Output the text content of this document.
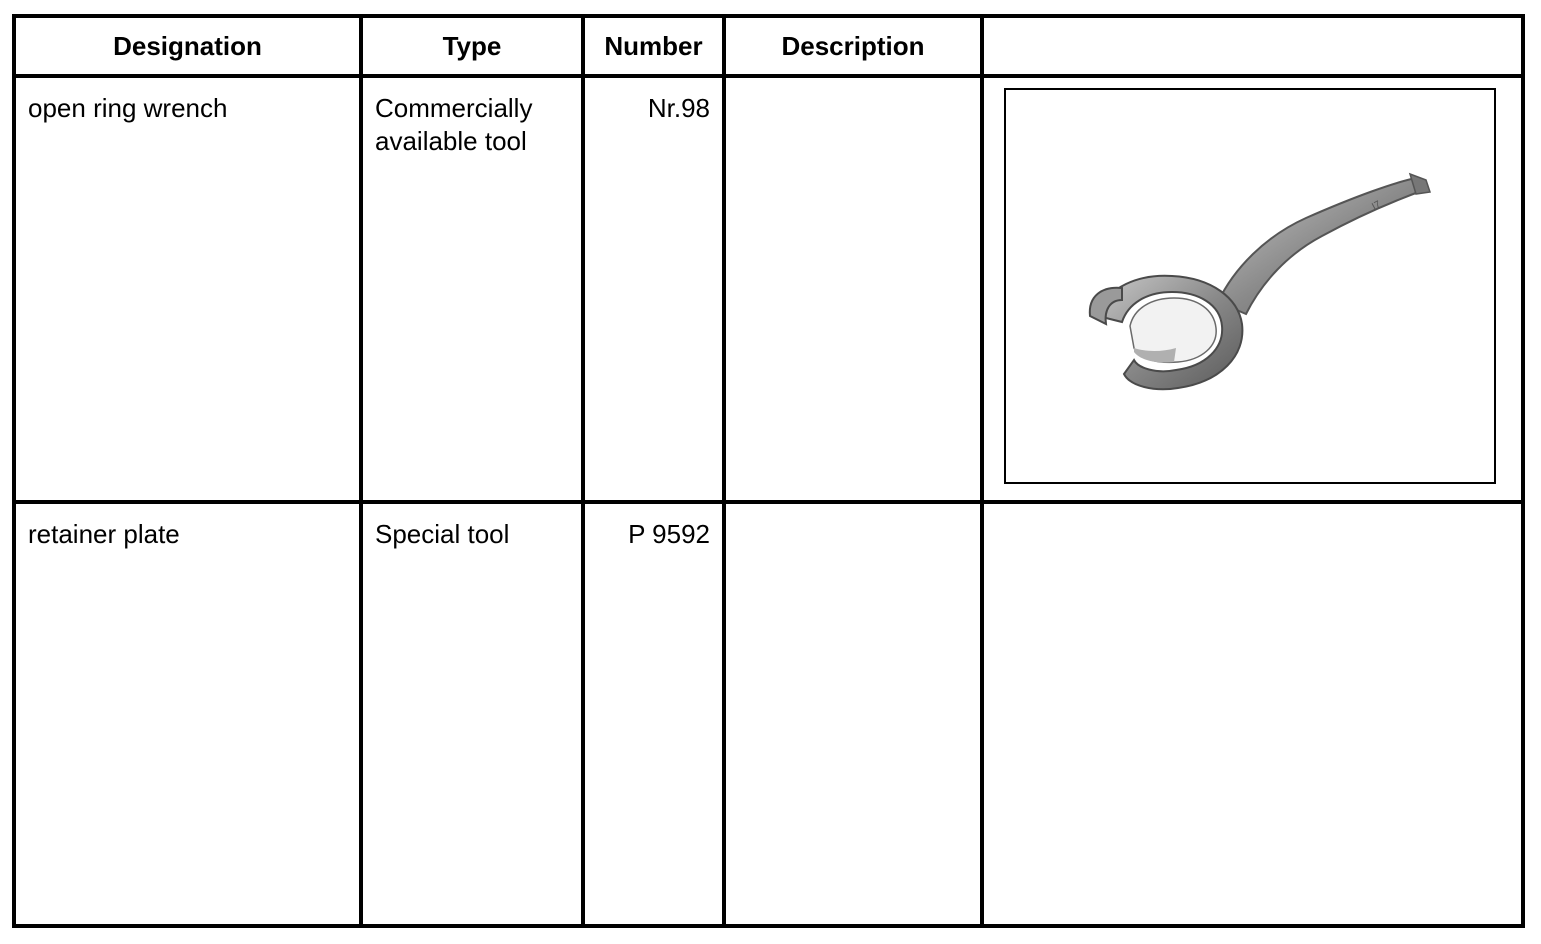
Designation	Type	Number	Description	

open ring wrench	Commercially available tool	Nr.98		I7

retainer plate	Special tool	P 9592		
